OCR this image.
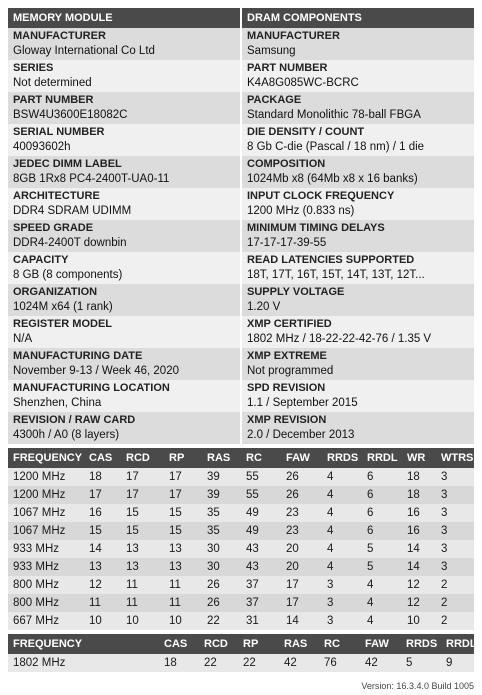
MEMORY MODULE
MANUFACTURER
Gloway International Co Ltd
SERIES
Not determined
PART NUMBER
BSW4U3600E18082C
SERIAL NUMBER
40093602h
JEDEC DIMM LABEL
8GB 1Rx8 PC4-2400T-UA0-11
ARCHITECTURE
DDR4 SDRAM UDIMM
SPEED GRADE
DDR4-2400T downbin
CAPACITY
8 GB (8 components)
ORGANIZATION
1024M x64 (1 rank)
REGISTER MODEL
N/A
MANUFACTURING DATE
November 9-13 / Week 46, 2020
MANUFACTURING LOCATION
Shenzhen, China
REVISION / RAW CARD
4300h / A0 (8 layers)
DRAM COMPONENTS
MANUFACTURER
Samsung
PART NUMBER
K4A8G085WC-BCRC
PACKAGE
Standard Monolithic 78-ball FBGA
DIE DENSITY / COUNT
8 Gb C-die (Pascal / 18 nm) / 1 die
COMPOSITION
1024Mb x8 (64Mb x8 x 16 banks)
INPUT CLOCK FREQUENCY
1200 MHz (0.833 ns)
MINIMUM TIMING DELAYS
17-17-17-39-55
READ LATENCIES SUPPORTED
18T, 17T, 16T, 15T, 14T, 13T, 12T...
SUPPLY VOLTAGE
1.20 V
XMP CERTIFIED
1802 MHz / 18-22-22-42-76 / 1.35 V
XMP EXTREME
Not programmed
SPD REVISION
1.1 / September 2015
XMP REVISION
2.0 / December 2013
FREQUENCY	CAS	RCD	RP	RAS	RC	FAW	RRDS	RRDL	WR	WTRS
1200 MHz	18	17	17	39	55	26	4	6	18	3
1200 MHz	17	17	17	39	55	26	4	6	18	3
1067 MHz	16	15	15	35	49	23	4	6	16	3
1067 MHz	15	15	15	35	49	23	4	6	16	3
933 MHz	14	13	13	30	43	20	4	5	14	3
933 MHz	13	13	13	30	43	20	4	5	14	3
800 MHz	12	11	11	26	37	17	3	4	12	2
800 MHz	11	11	11	26	37	17	3	4	12	2
667 MHz	10	10	10	22	31	14	3	4	10	2
FREQUENCY		CAS	RCD	RP	RAS	RC	FAW	RRDS	RRDL
1802 MHz		18	22	22	42	76	42	5	9
Version: 16.3.4.0 Build 1005
